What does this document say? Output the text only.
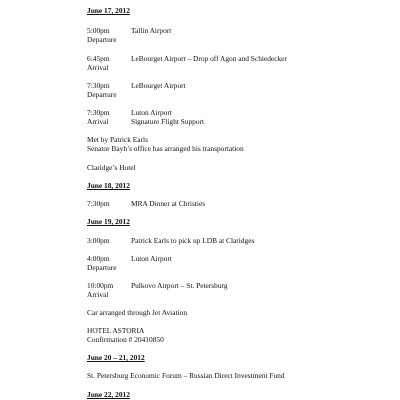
June 17, 2012
5:00pm
Departure
Tallin Airport
6:45pm
Arrival
LeBourget Airport – Drop off Agon and Schiedecker
7:30pm
Departure
LeBourget Airport
7:30pm
Arrival
Luton Airport
Signature Flight Support
Met by Patrick Earls
Senator Bayh’s office has arranged his transportation
Claridge’s Hotel
June 18, 2012
7:30pm	MRA Dinner at Christies
June 19, 2012
3:00pm	Patrick Earls to pick up LDB at Claridges
4:00pm
Departure
Luton Airport
10:00pm
Arrival
Pulkovo Airport – St. Petersburg
Car arranged through Jet Aviation
HOTEL ASTORIA
Confirmation # 20410850
June 20 – 21, 2012
St. Petersburg Economic Forum – Russian Direct Investment Fund
June 22, 2012
